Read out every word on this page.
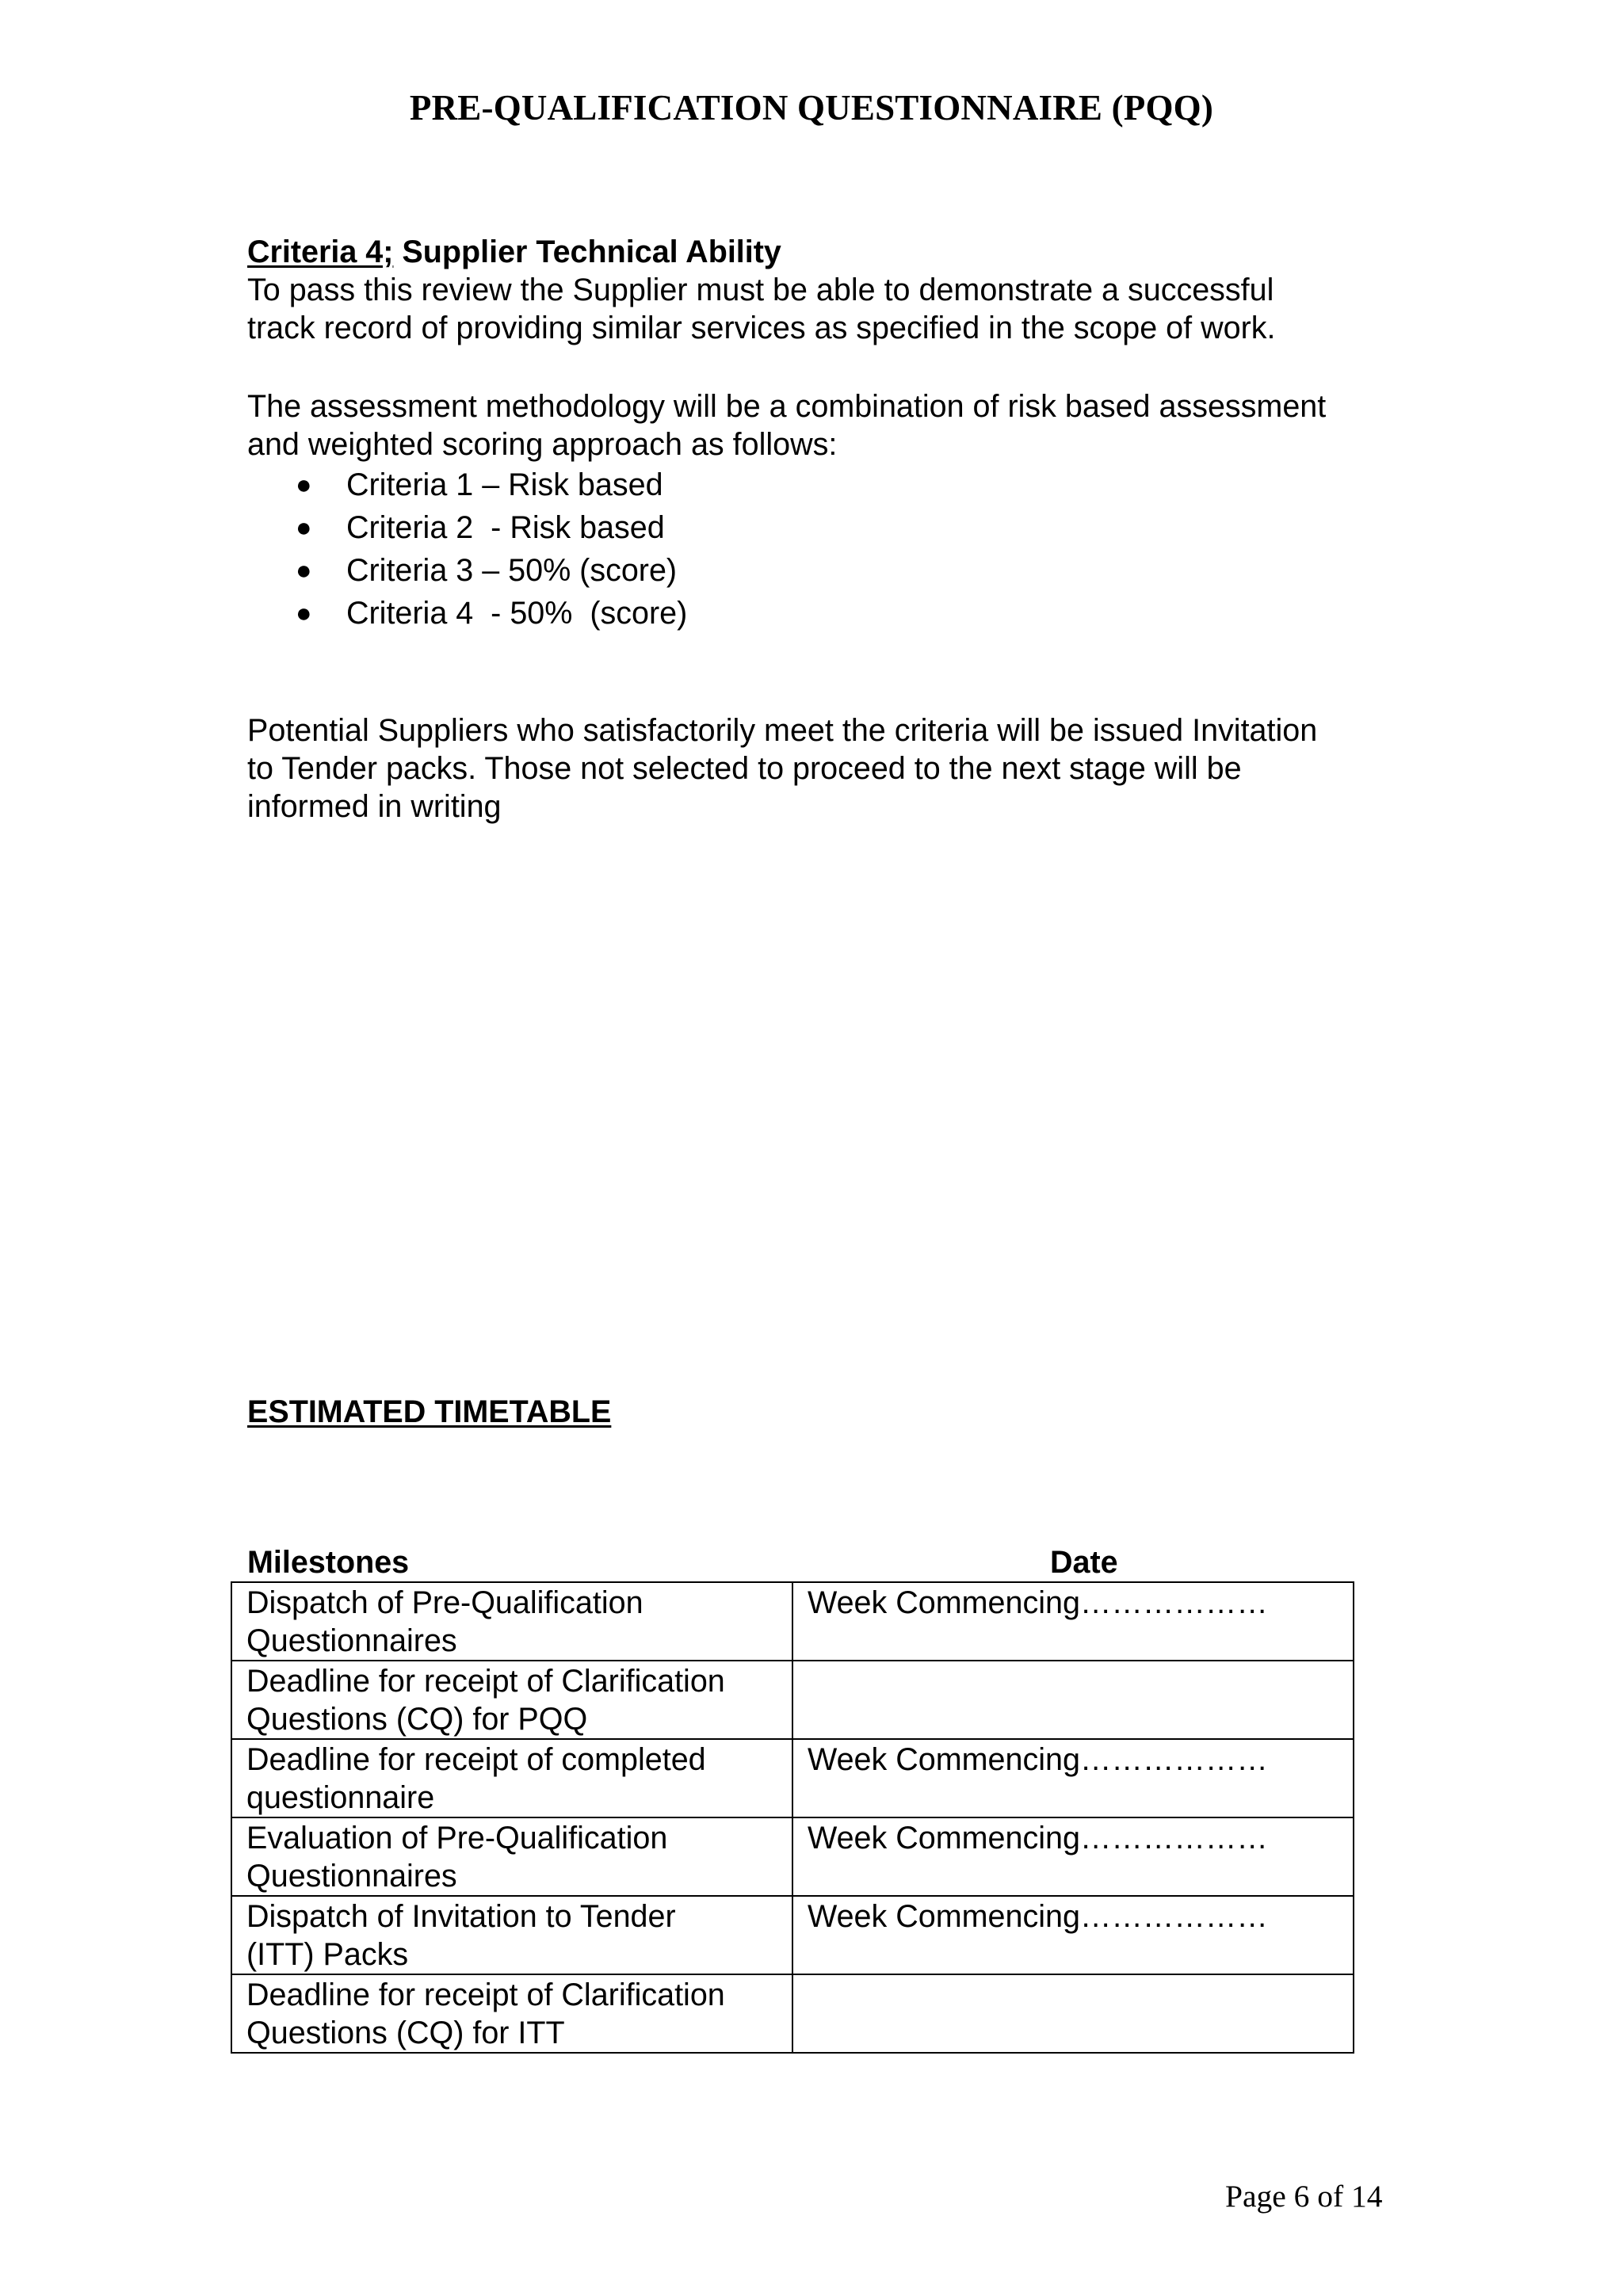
PRE-QUALIFICATION QUESTIONNAIRE (PQQ)

Criteria 4; Supplier Technical Ability

To pass this review the Supplier must be able to demonstrate a successful

track record of providing similar services as specified in the scope of work.

The assessment methodology will be a combination of risk based assessment

and weighted scoring approach as follows:

● Criteria 1 – Risk based
● Criteria 2  - Risk based
● Criteria 3 – 50% (score)
● Criteria 4  - 50%  (score)

Potential Suppliers who satisfactorily meet the criteria will be issued Invitation

to Tender packs. Those not selected to proceed to the next stage will be

informed in writing

ESTIMATED TIMETABLE

Milestones	Date
Dispatch of Pre-Qualification
Questionnaires	Week Commencing………………

Deadline for receipt of Clarification
Questions (CQ) for PQQ	

Deadline for receipt of completed
questionnaire	Week Commencing………………

Evaluation of Pre-Qualification
Questionnaires	Week Commencing………………

Dispatch of Invitation to Tender
(ITT) Packs	Week Commencing………………

Deadline for receipt of Clarification
Questions (CQ) for ITT	

Page 6 of 14
